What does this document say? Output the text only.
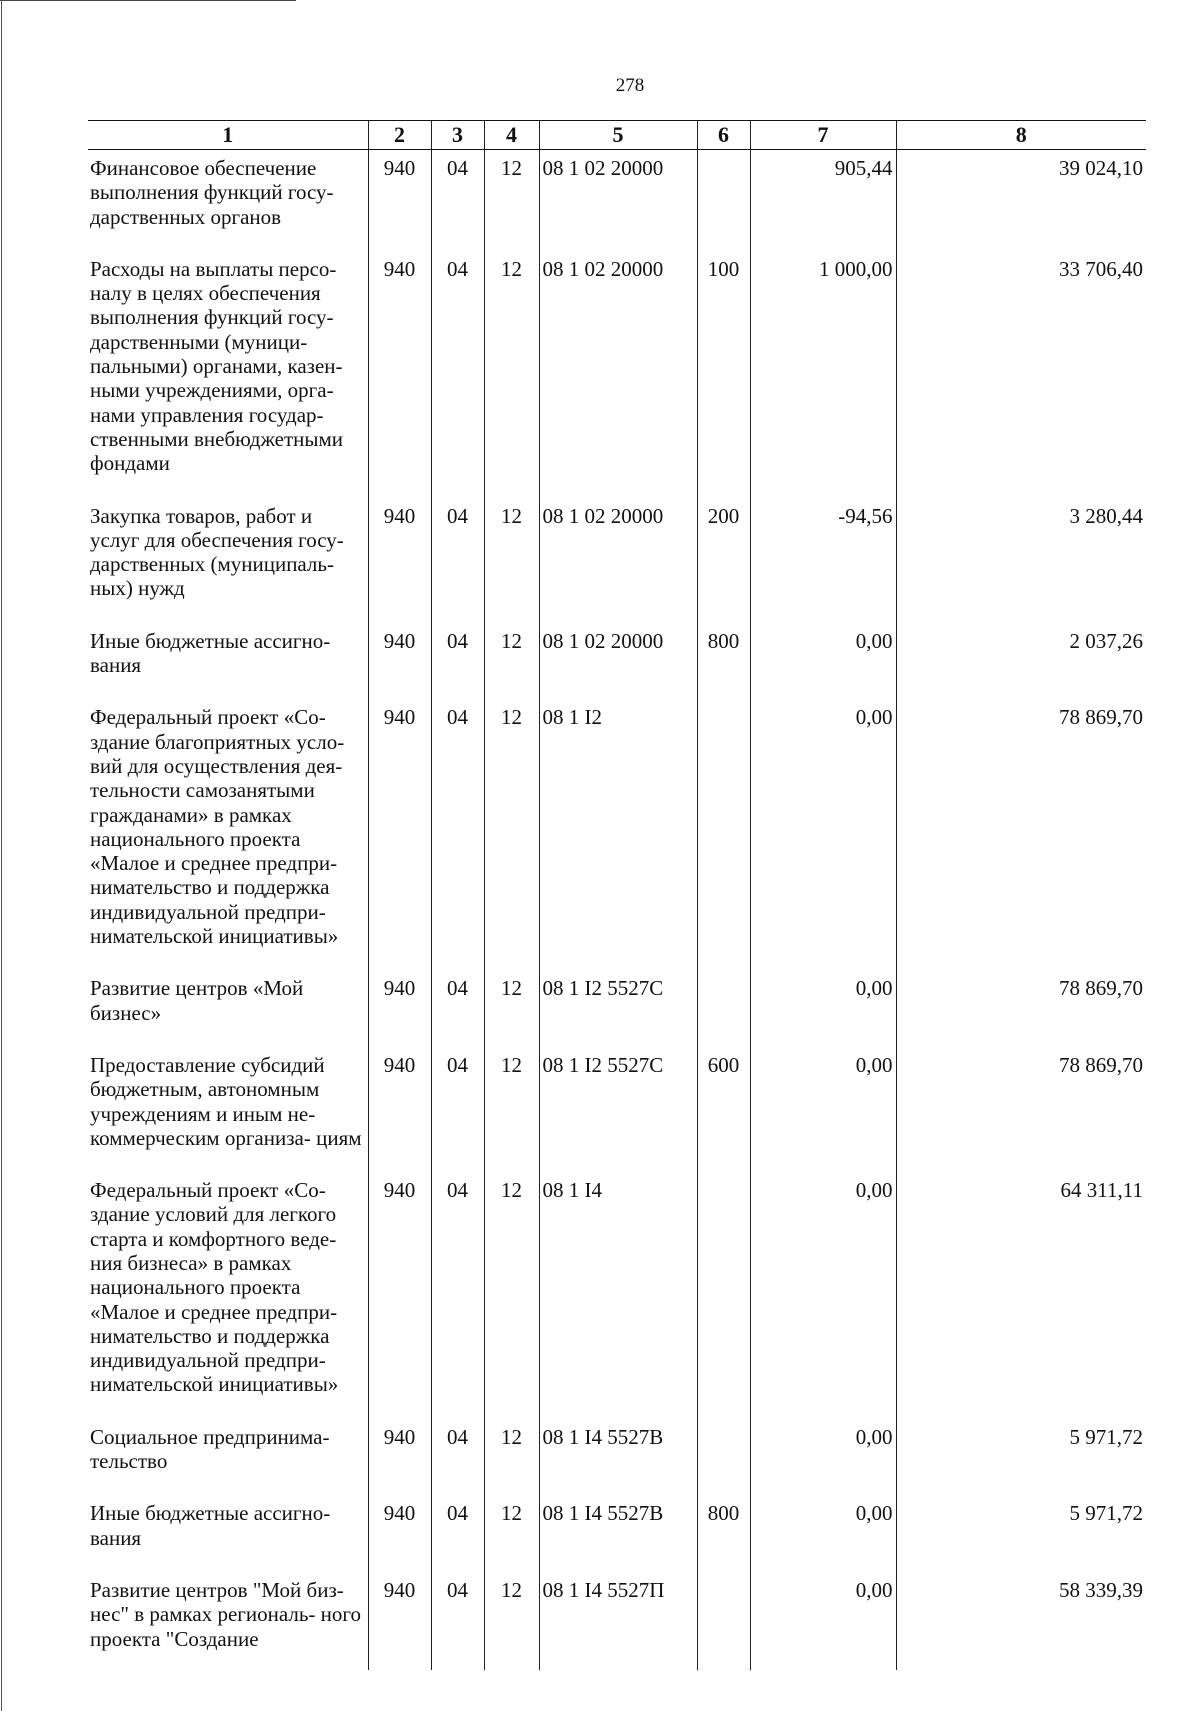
278
1	2	3	4	5	6	7	8
Финансовое обеспечение выполнения функций госу- дарственных органов	940	04	12	08 1 02 20000		905,44	39 024,10
Расходы на выплаты персо- налу в целях обеспечения выполнения функций госу- дарственными (муници- пальными) органами, казен- ными учреждениями, орга- нами управления государ- ственными внебюджетными фондами	940	04	12	08 1 02 20000	100	1 000,00	33 706,40
Закупка товаров, работ и услуг для обеспечения госу- дарственных (муниципаль- ных) нужд	940	04	12	08 1 02 20000	200	-94,56	3 280,44
Иные бюджетные ассигно- вания	940	04	12	08 1 02 20000	800	0,00	2 037,26
Федеральный проект «Со- здание благоприятных усло- вий для осуществления дея- тельности самозанятыми гражданами» в рамках национального проекта «Малое и среднее предпри- нимательство и поддержка индивидуальной предпри- нимательской инициативы»	940	04	12	08 1 I2		0,00	78 869,70
Развитие центров «Мой бизнес»	940	04	12	08 1 I2 5527C		0,00	78 869,70
Предоставление субсидий бюджетным, автономным учреждениям и иным не- коммерческим организа- циям	940	04	12	08 1 I2 5527C	600	0,00	78 869,70
Федеральный проект «Со- здание условий для легкого старта и комфортного веде- ния бизнеса» в рамках национального проекта «Малое и среднее предпри- нимательство и поддержка индивидуальной предпри- нимательской инициативы»	940	04	12	08 1 I4		0,00	64 311,11
Социальное предпринима- тельство	940	04	12	08 1 I4 5527B		0,00	5 971,72
Иные бюджетные ассигно- вания	940	04	12	08 1 I4 5527B	800	0,00	5 971,72
Развитие центров "Мой биз- нес" в рамках региональ- ного проекта "Создание	940	04	12	08 1 I4 5527П		0,00	58 339,39
